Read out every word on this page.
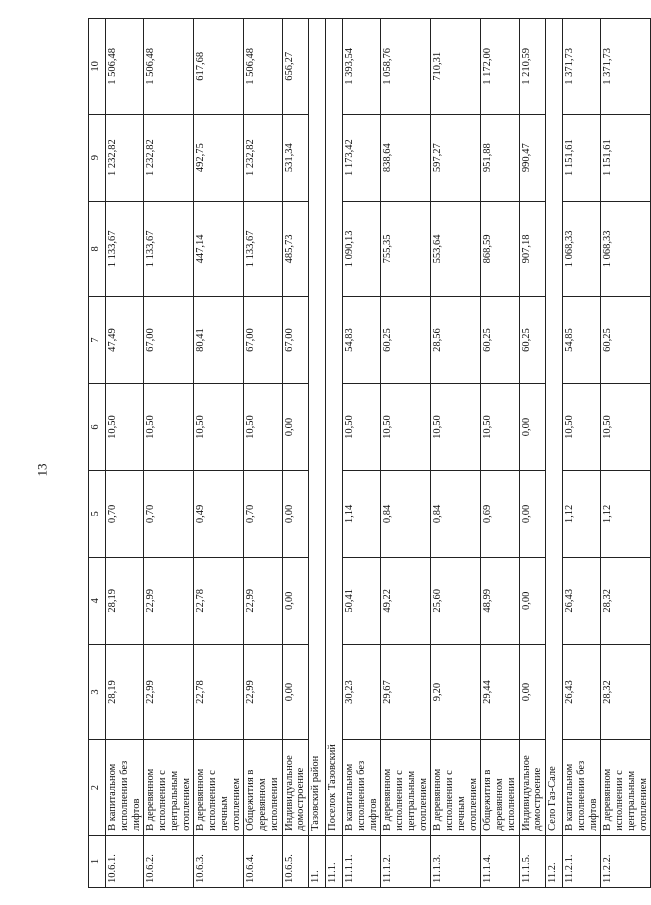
13
1	2	3	4	5	6	7	8	9	10
10.6.1.	В капитальном исполнении без лифтов	28,19	28,19	0,70	10,50	47,49	1 133,67	1 232,82	1 506,48
10.6.2.	В деревянном исполнении с центральным отоплением	22,99	22,99	0,70	10,50	67,00	1 133,67	1 232,82	1 506,48
10.6.3.	В деревянном исполнении с печным отоплением	22,78	22,78	0,49	10,50	80,41	447,14	492,75	617,68
10.6.4.	Общежития в деревянном исполнении	22,99	22,99	0,70	10,50	67,00	1 133,67	1 232,82	1 506,48
10.6.5.	Индивидуальное домостроение	0,00	0,00	0,00	0,00	67,00	485,73	531,34	656,27
11.	Тазовский район								
11.1.	Поселок Тазовский								
11.1.1.	В капитальном исполнении без лифтов	30,23	50,41	1,14	10,50	54,83	1 090,13	1 173,42	1 393,54
11.1.2.	В деревянном исполнении с центральным отоплением	29,67	49,22	0,84	10,50	60,25	755,35	838,64	1 058,76
11.1.3.	В деревянном исполнении с печным отоплением	9,20	25,60	0,84	10,50	28,56	553,64	597,27	710,31
11.1.4.	Общежития в деревянном исполнении	29,44	48,99	0,69	10,50	60,25	868,59	951,88	1 172,00
11.1.5.	Индивидуальное домостроение	0,00	0,00	0,00	0,00	60,25	907,18	990,47	1 210,59
11.2.	Село Газ-Сале								
11.2.1.	В капитальном исполнении без лифтов	26,43	26,43	1,12	10,50	54,85	1 068,33	1 151,61	1 371,73
11.2.2.	В деревянном исполнении с центральным отоплением	28,32	28,32	1,12	10,50	60,25	1 068,33	1 151,61	1 371,73
